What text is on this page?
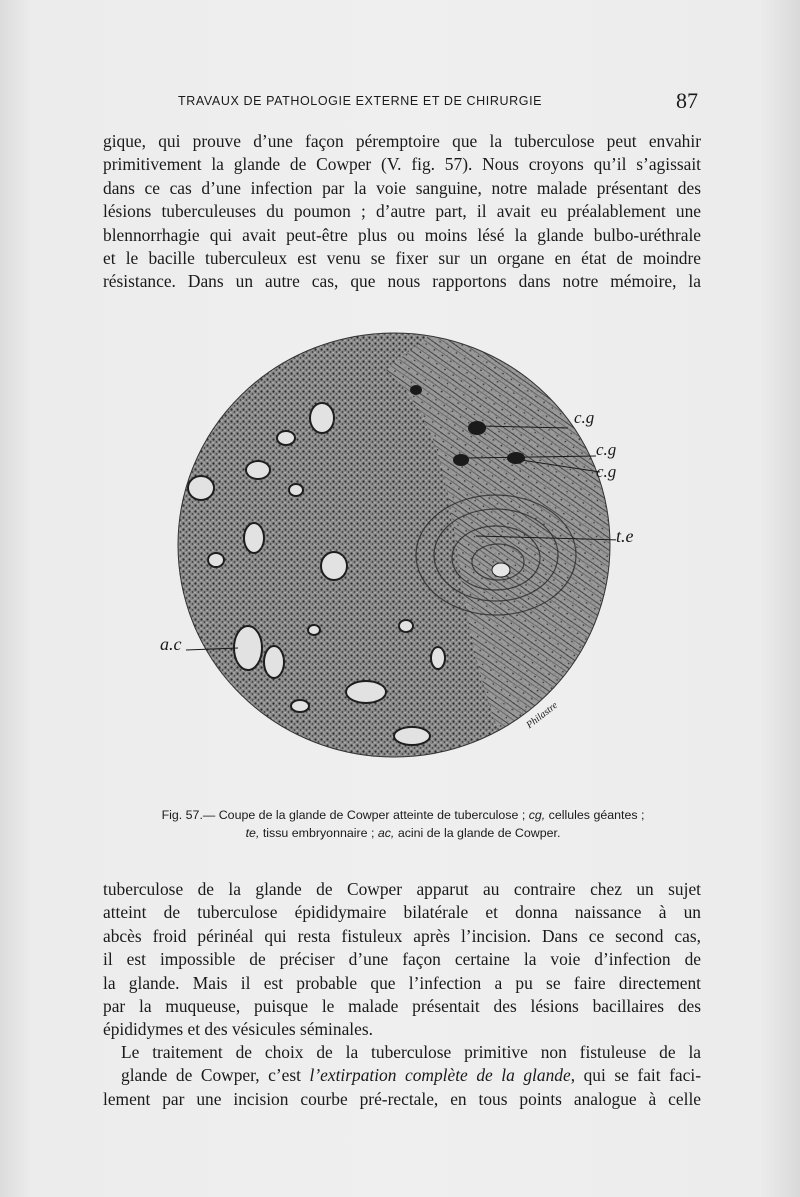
TRAVAUX DE PATHOLOGIE EXTERNE ET DE CHIRURGIE	87

gique, qui prouve d’une façon péremptoire que la tuberculose peut envahir
primitivement la glande de Cowper (V. fig. 57). Nous croyons qu’il s’agissait
dans ce cas d’une infection par la voie sanguine, notre malade présentant des
lésions tuberculeuses du poumon ; d’autre part, il avait eu préalablement une
blennorrhagie qui avait peut-être plus ou moins lésé la glande bulbo-uréthrale
et le bacille tuberculeux est venu se fixer sur un organe en état de moindre
résistance. Dans un autre cas, que nous rapportons dans notre mémoire, la

c.g
c.g
c.g
t.e
a.c
Philastre
Fig. 57.— Coupe de la glande de Cowper atteinte de tuberculose ; cg, cellules géantes ;
te, tissu embryonnaire ; ac, acini de la glande de Cowper.

tuberculose de la glande de Cowper apparut au contraire chez un sujet
atteint de tuberculose épididymaire bilatérale et donna naissance à un
abcès froid périnéal qui resta fistuleux après l’incision. Dans ce second cas,
il est impossible de préciser d’une façon certaine la voie d’infection de
la glande. Mais il est probable que l’infection a pu se faire directement
par la muqueuse, puisque le malade présentait des lésions bacillaires des
épididymes et des vésicules séminales.

Le traitement de choix de la tuberculose primitive non fistuleuse de la
glande de Cowper, c’est l’extirpation complète de la glande, qui se fait faci-
lement par une incision courbe pré-rectale, en tous points analogue à celle
